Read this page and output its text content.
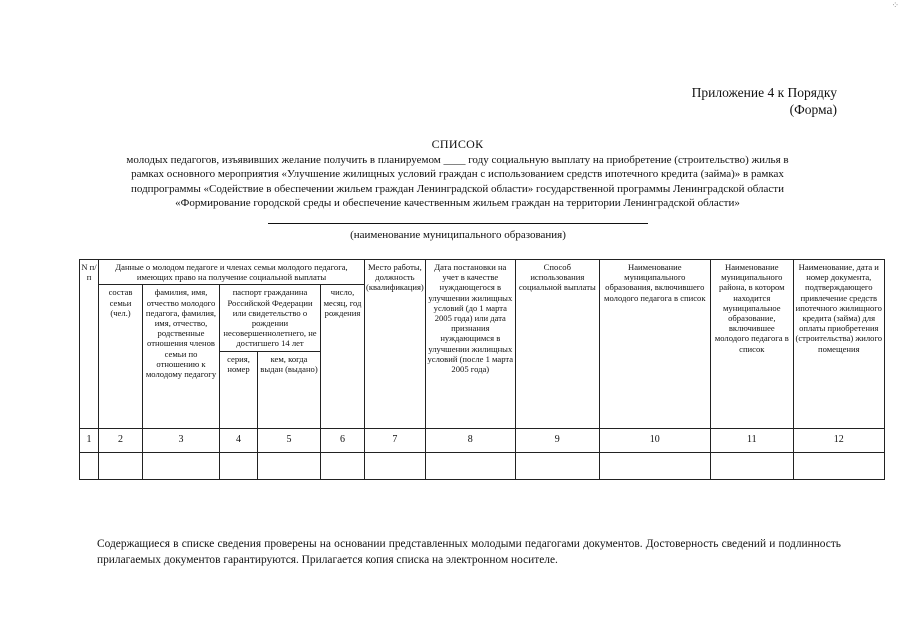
⁘
Приложение 4 к Порядку
(Форма)
СПИСОК
молодых педагогов, изъявивших желание получить в планируемом ____ году социальную выплату на приобретение (строительство) жилья в
рамках основного мероприятия «Улучшение жилищных условий граждан с использованием средств ипотечного кредита (займа)» в рамках
подпрограммы «Содействие в обеспечении жильем граждан Ленинградской области» государственной программы Ленинградской области
«Формирование городской среды и обеспечение качественным жильем граждан на территории Ленинградской области»
(наименование муниципального образования)
N п/п	Данные о молодом педагоге и членах семьи молодого педагога, имеющих право на получение социальной выплаты					Место работы, должность (квалификация)	Дата постановки на учет в качестве нуждающегося в улучшении жилищных условий (до 1 марта 2005 года) или дата признания нуждающимся в улучшении жилищных условий (после 1 марта 2005 года)	Способ использования социальной выплаты	Наименование муниципального образования, включившего молодого педагога в список	Наименование муниципального района, в котором находится муниципальное образование, включившее молодого педагога в список	Наименование, дата и номер документа, подтверждающего привлечение средств ипотечного жилищного кредита (займа) для оплаты приобретения (строительства) жилого помещения
	состав семьи (чел.)	фамилия, имя, отчество молодого педагога, фамилия, имя, отчество, родственные отношения членов семьи по отношению к молодому педагогу	паспорт гражданина Российской Федерации или свидетельство о рождении несовершеннолетнего, не достигшего 14 лет		число, месяц, год рождения						
			серия, номер	кем, когда выдан (выдано)							
1	2	3	4	5	6	7	8	9	10	11	12

Содержащиеся в списке сведения проверены на основании представленных молодыми педагогами документов. Достоверность сведений и подлинность прилагаемых документов гарантируются. Прилагается копия списка на электронном носителе.
